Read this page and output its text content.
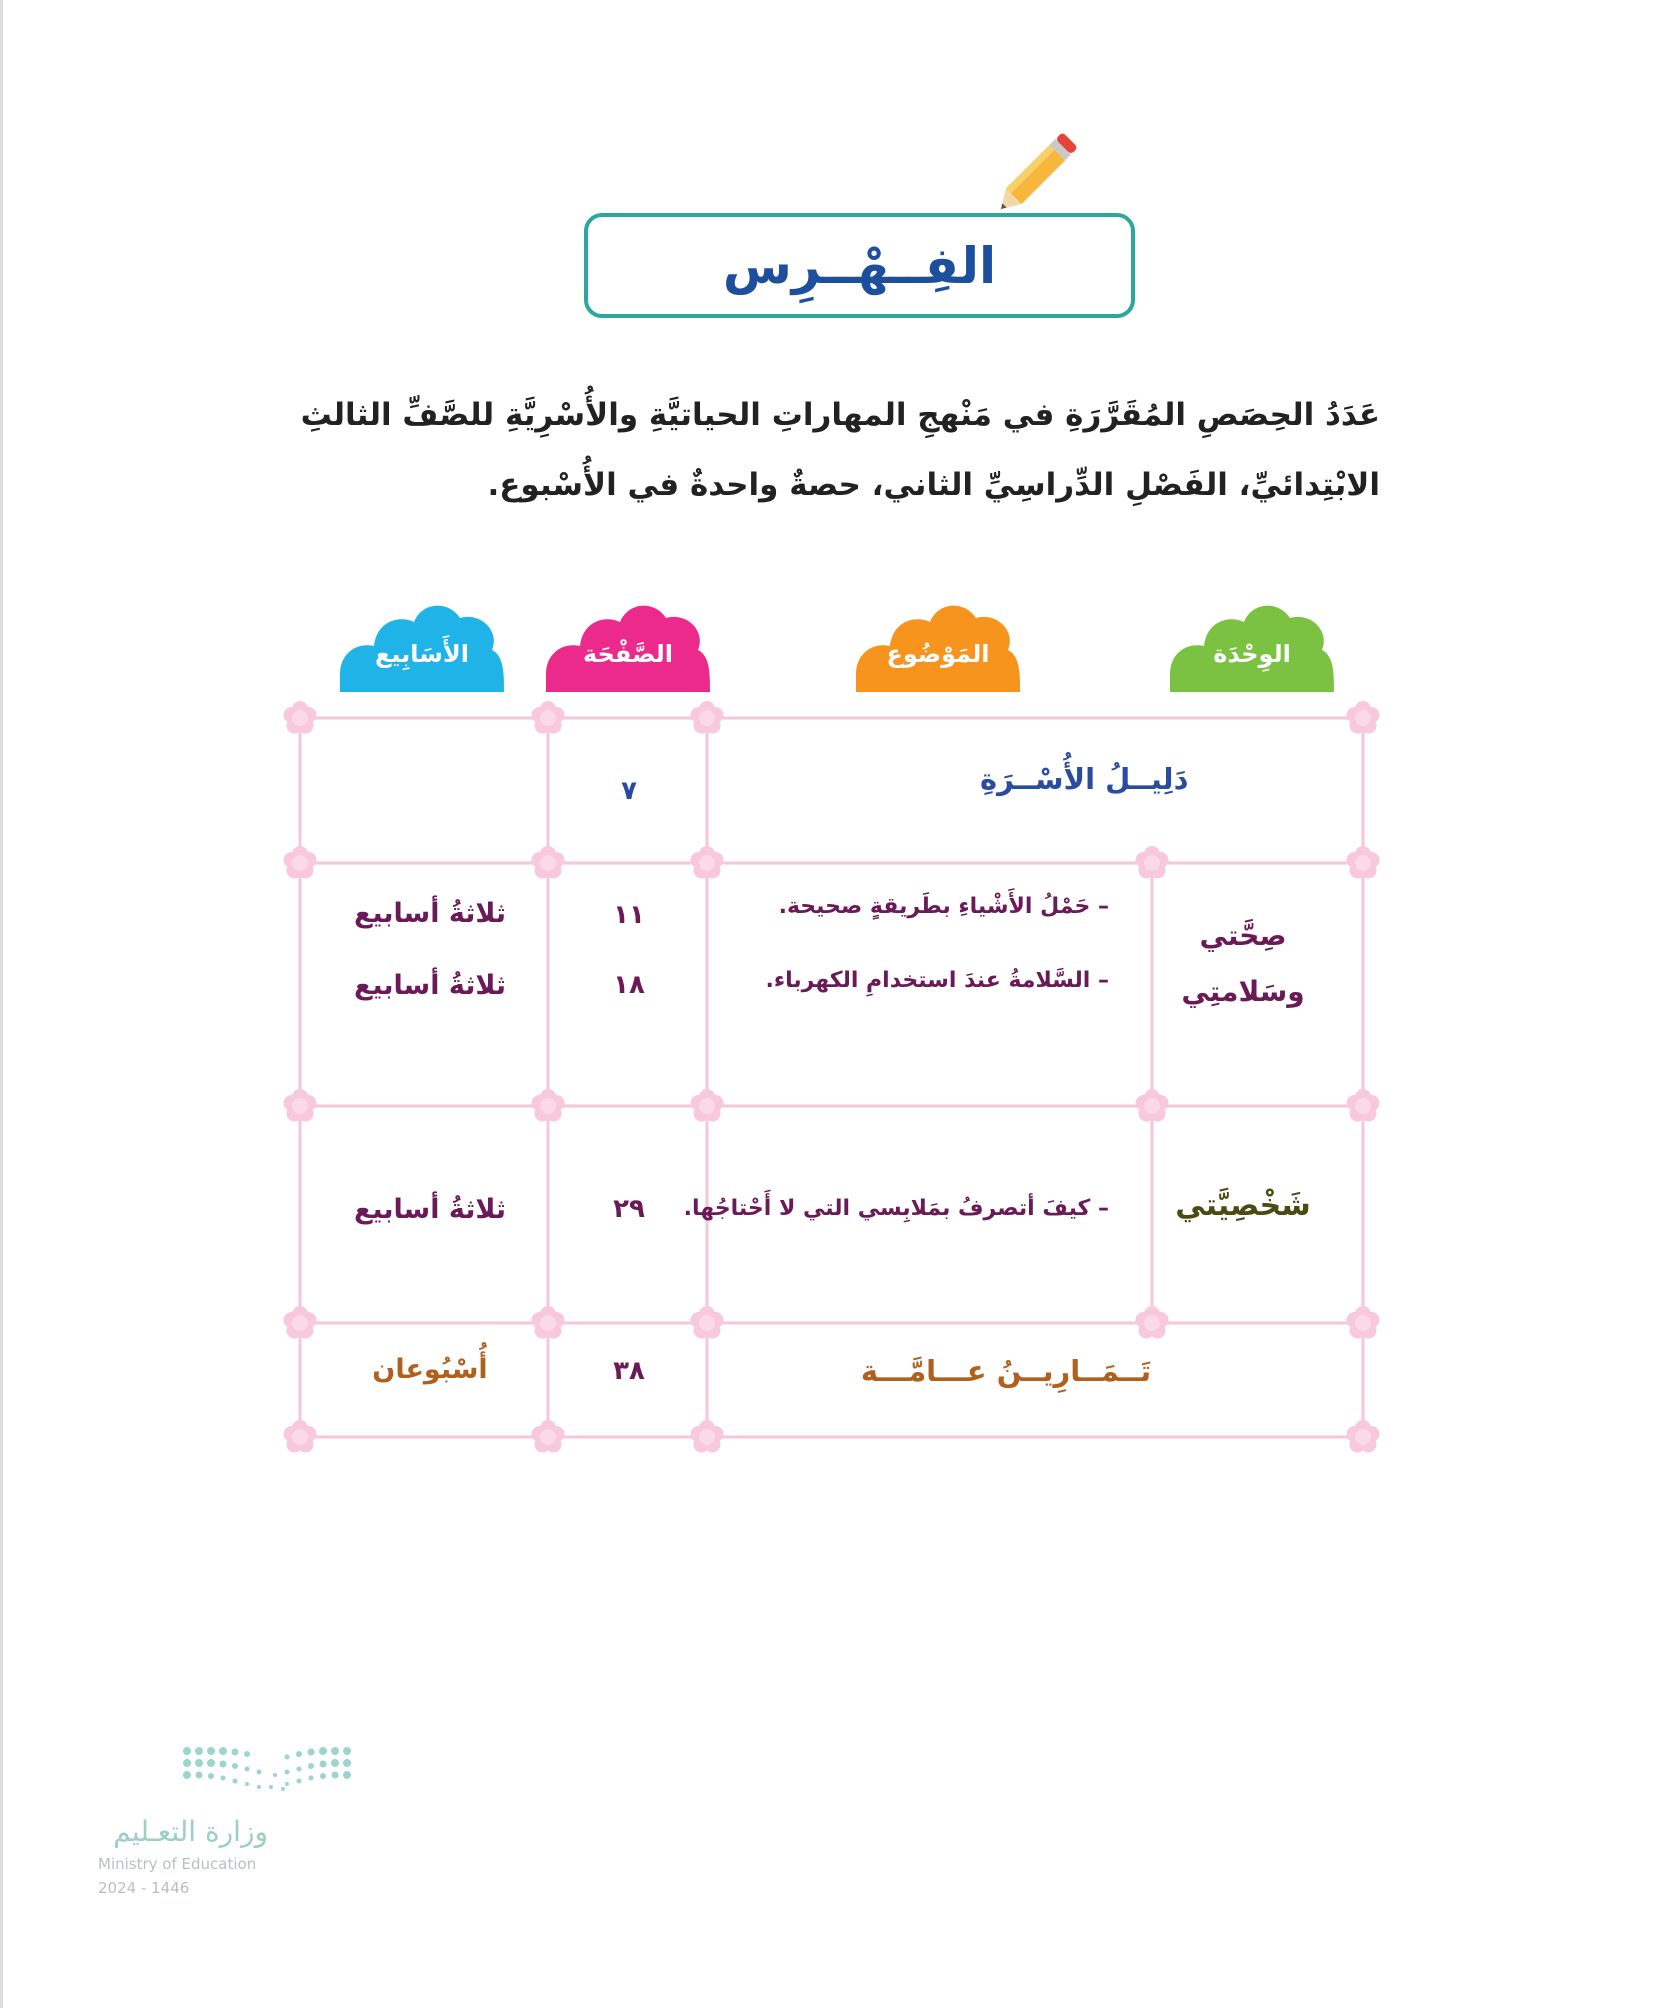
الفِــهْــرِس
عَدَدُ الحِصَصِ المُقَرَّرَةِ في مَنْهجِ المهاراتِ الحياتيَّةِ والأُسْرِيَّةِ للصَّفِّ الثالثِ
الابْتِدائيِّ، الفَصْلِ الدِّراسِيِّ الثاني، حصةٌ واحدةٌ في الأُسْبوع.
الوِحْدَة
المَوْضُوع
الصَّفْحَة
الأَسَابِيع
دَلِيــلُ الأُسْــرَةِ
٧
صِحَّتي
وسَلامتِي
– حَمْلُ الأَشْياءِ بطَريقةٍ صحيحة.
– السَّلامةُ عندَ استخدامِ الكهرباء.
١١
١٨
ثلاثةُ أسابيع
ثلاثةُ أسابيع
شَخْصِيَّتي
– كيفَ أتصرفُ بمَلابِسي التي لا أَحْتاجُها.
٢٩
ثلاثةُ أسابيع
تَــمَــارِيــنُ عـــامَّـــة
٣٨
أُسْبُوعان
وزارة التعـليم
Ministry of Education
2024 - 1446
